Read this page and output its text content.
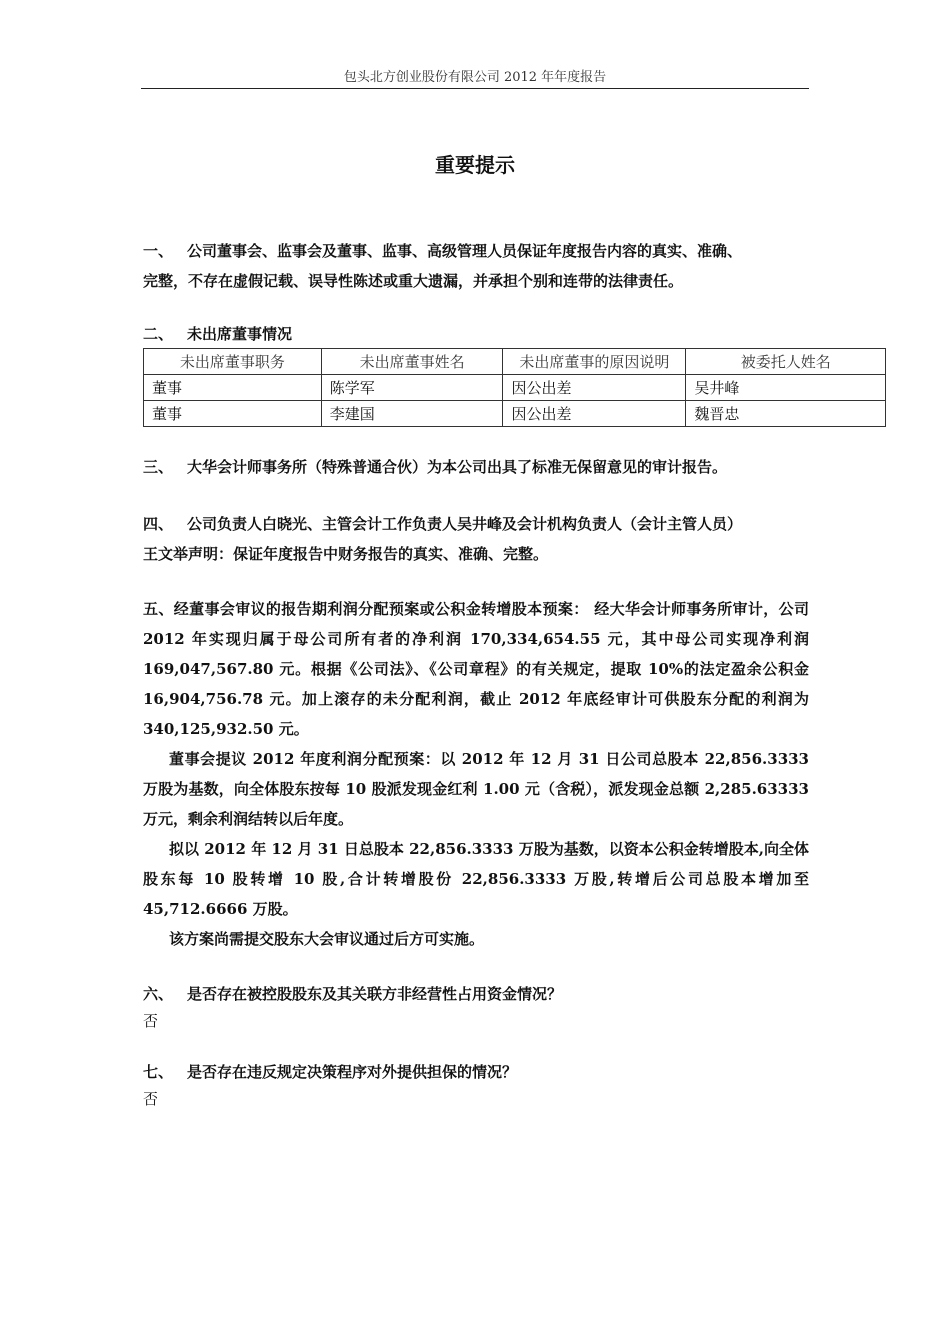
包头北方创业股份有限公司 2012 年年度报告
重要提示
一、 公司董事会、监事会及董事、监事、高级管理人员保证年度报告内容的真实、准确、
完整，不存在虚假记载、误导性陈述或重大遗漏，并承担个别和连带的法律责任。
二、 未出席董事情况
未出席董事职务	未出席董事姓名	未出席董事的原因说明	被委托人姓名
董事	陈学军	因公出差	吴井峰
董事	李建国	因公出差	魏晋忠
三、 大华会计师事务所（特殊普通合伙）为本公司出具了标准无保留意见的审计报告。
四、 公司负责人白晓光、主管会计工作负责人吴井峰及会计机构负责人（会计主管人员）
王文举声明：保证年度报告中财务报告的真实、准确、完整。
五、经董事会审议的报告期利润分配预案或公积金转增股本预案： 经大华会计师事务所审计，公司 2012 年实现归属于母公司所有者的净利润 170,334,654.55 元，其中母公司实现净利润 169,047,567.80 元。根据《公司法》、《公司章程》的有关规定，提取 10%的法定盈余公积金 16,904,756.78 元。加上滚存的未分配利润，截止 2012 年底经审计可供股东分配的利润为 340,125,932.50 元。
董事会提议 2012 年度利润分配预案：以 2012 年 12 月 31 日公司总股本 22,856.3333 万股为基数，向全体股东按每 10 股派发现金红利 1.00 元（含税），派发现金总额 2,285.63333 万元，剩余利润结转以后年度。
拟以 2012 年 12 月 31 日总股本 22,856.3333 万股为基数，以资本公积金转增股本,向全体股东每 10 股转增 10 股,合计转增股份 22,856.3333 万股,转增后公司总股本增加至 45,712.6666 万股。
该方案尚需提交股东大会审议通过后方可实施。
六、 是否存在被控股股东及其关联方非经营性占用资金情况？
否
七、 是否存在违反规定决策程序对外提供担保的情况？
否
